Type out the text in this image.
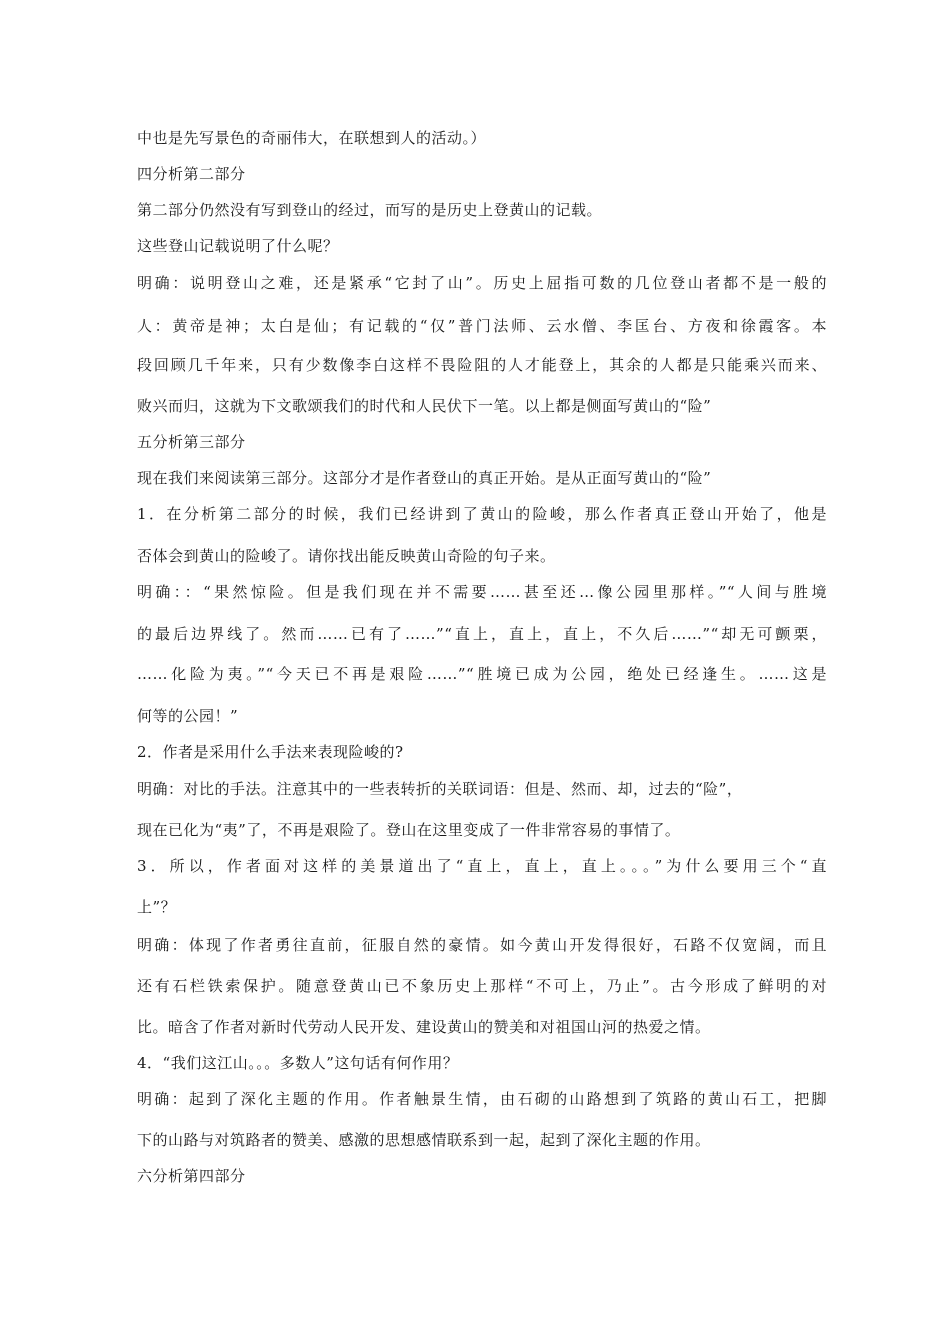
中也是先写景色的奇丽伟大，在联想到人的活动。）
四分析第二部分
第二部分仍然没有写到登山的经过，而写的是历史上登黄山的记载。
这些登山记载说明了什么呢？
明确：说明登山之难，还是紧承“它封了山”。历史上屈指可数的几位登山者都不是一般的
人：黄帝是神；太白是仙；有记载的“仅”普门法师、云水僧、李匡台、方夜和徐霞客。本
段回顾几千年来，只有少数像李白这样不畏险阻的人才能登上，其余的人都是只能乘兴而来、
败兴而归，这就为下文歌颂我们的时代和人民伏下一笔。以上都是侧面写黄山的“险”
五分析第三部分
现在我们来阅读第三部分。这部分才是作者登山的真正开始。是从正面写黄山的“险”
1．在分析第二部分的时候，我们已经讲到了黄山的险峻，那么作者真正登山开始了，他是
否体会到黄山的险峻了。请你找出能反映黄山奇险的句子来。
明确：：“果然惊险。但是我们现在并不需要……甚至还…像公园里那样。”“人间与胜境
的最后边界线了。然而……已有了……”“直上，直上，直上，不久后……”“却无可颤栗，
……化险为夷。”“今天已不再是艰险……”“胜境已成为公园，绝处已经逢生。……这是
何等的公园！”
2．作者是采用什么手法来表现险峻的?
明确：对比的手法。注意其中的一些表转折的关联词语：但是、然而、却，过去的“险”，
现在已化为“夷”了，不再是艰险了。登山在这里变成了一件非常容易的事情了。
3．所以，作者面对这样的美景道出了“直上，直上，直上。。。”为什么要用三个“直
上”？
明确：体现了作者勇往直前，征服自然的豪情。如今黄山开发得很好，石路不仅宽阔，而且
还有石栏铁索保护。随意登黄山已不象历史上那样“不可上，乃止”。古今形成了鲜明的对
比。暗含了作者对新时代劳动人民开发、建设黄山的赞美和对祖国山河的热爱之情。
4．“我们这江山。。。多数人”这句话有何作用？
明确：起到了深化主题的作用。作者触景生情，由石砌的山路想到了筑路的黄山石工，把脚
下的山路与对筑路者的赞美、感激的思想感情联系到一起，起到了深化主题的作用。
六分析第四部分
